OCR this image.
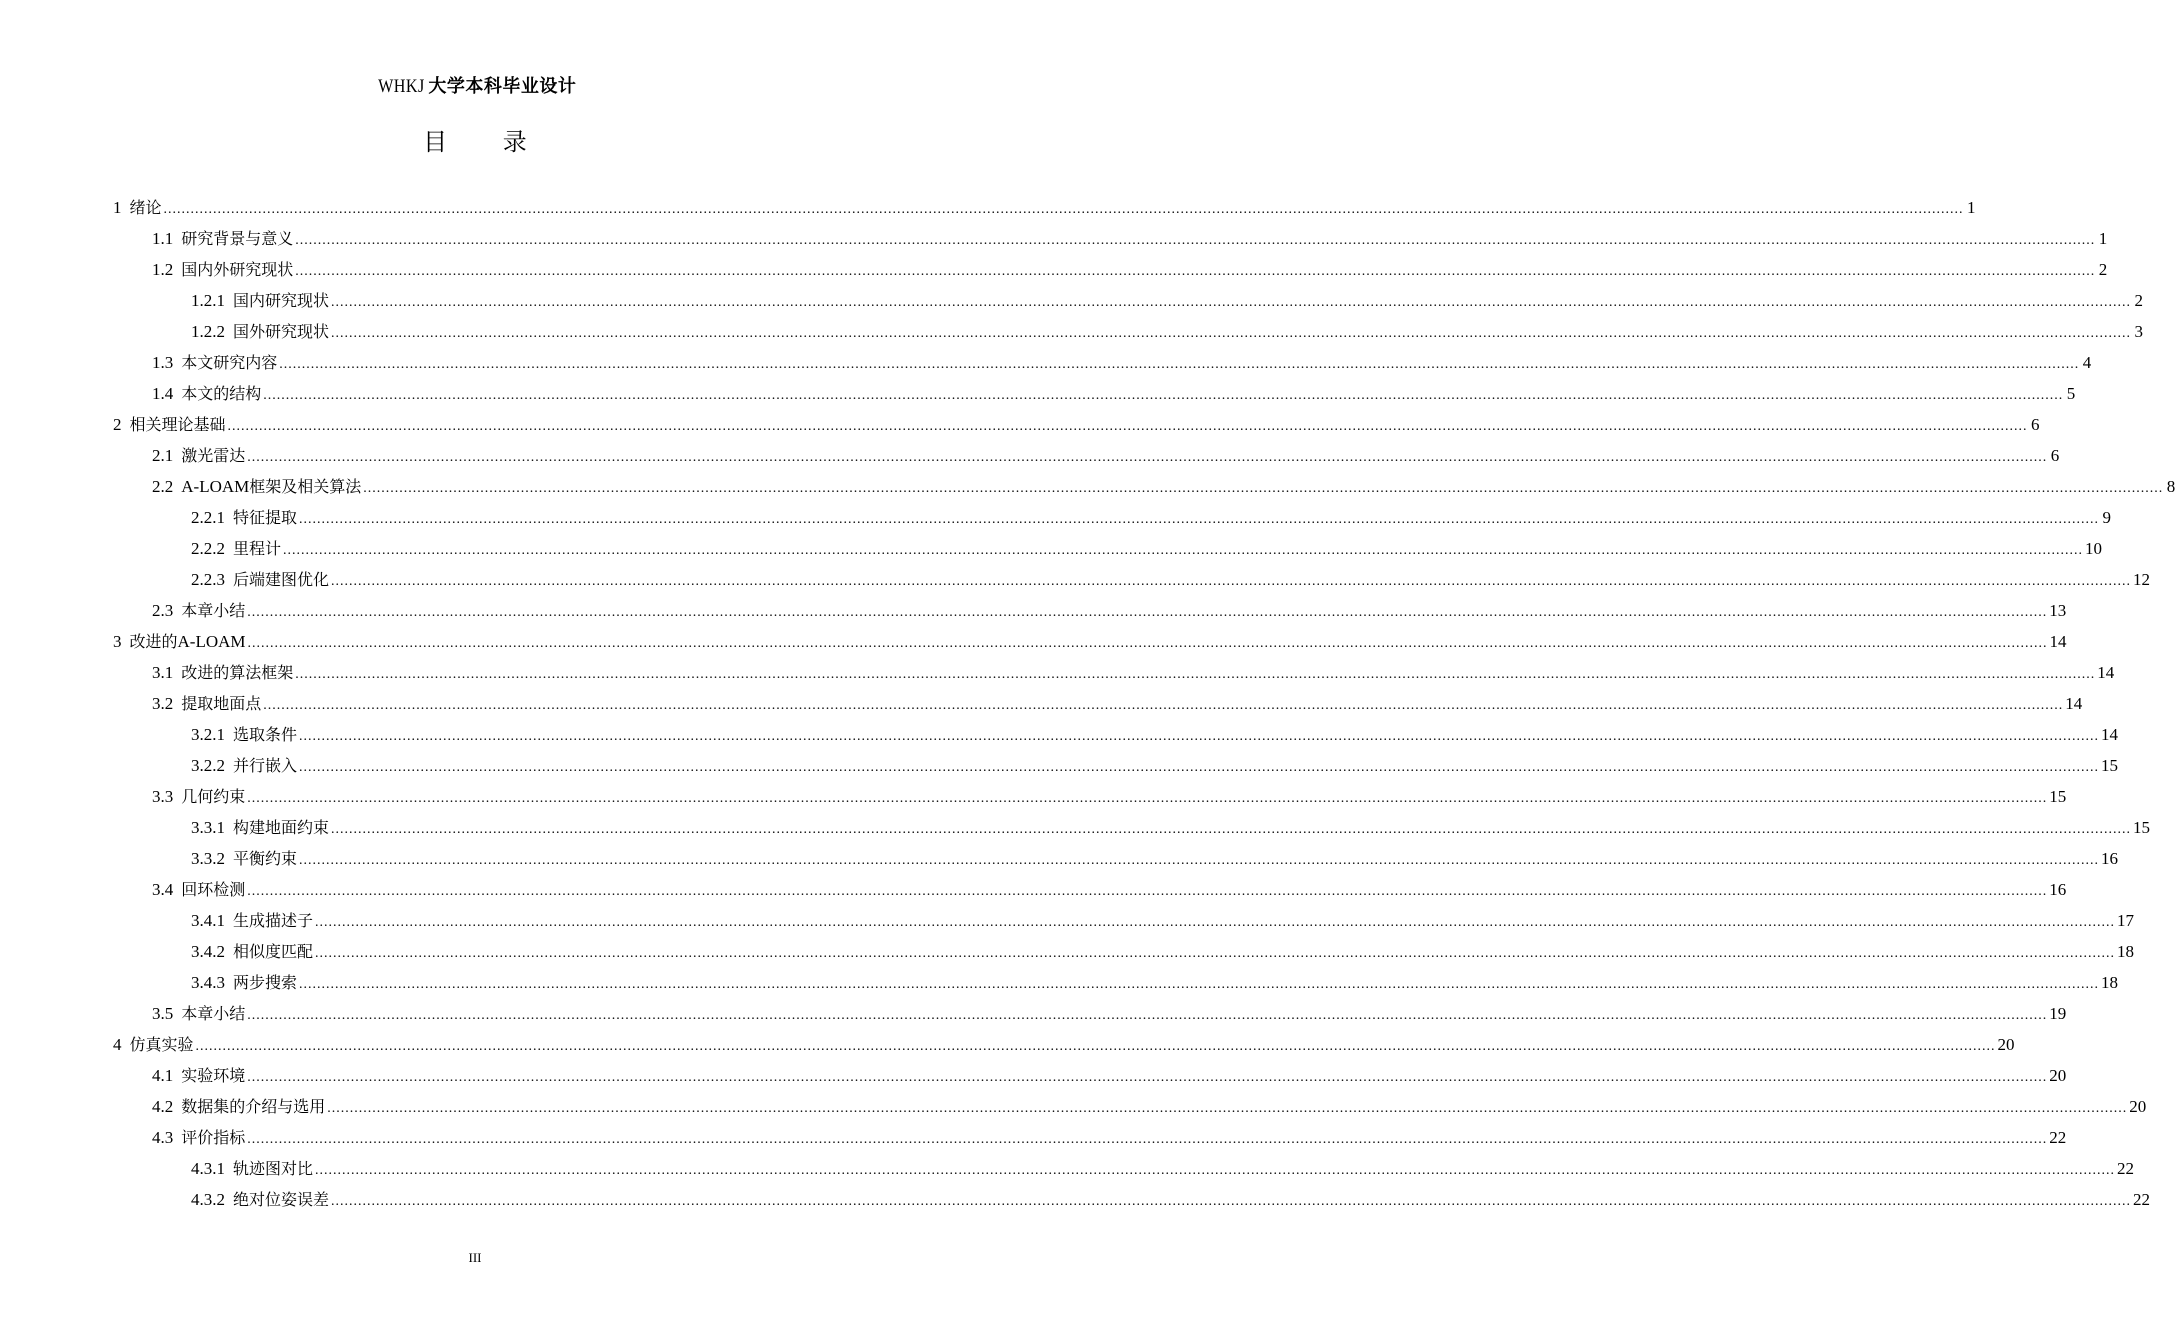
WHKJ 大学本科毕业设计
目 录
1 绪论 ................................................................................................................................................................................................................................................................................................................................................................................................................ 1
1.1 研究背景与意义 ................................................................................................................................................................................................................................................................................................................................................................................................................ 1
1.2 国内外研究现状 ................................................................................................................................................................................................................................................................................................................................................................................................................ 2
1.2.1 国内研究现状 ................................................................................................................................................................................................................................................................................................................................................................................................................ 2
1.2.2 国外研究现状 ................................................................................................................................................................................................................................................................................................................................................................................................................ 3
1.3 本文研究内容 ................................................................................................................................................................................................................................................................................................................................................................................................................ 4
1.4 本文的结构 ................................................................................................................................................................................................................................................................................................................................................................................................................ 5
2 相关理论基础 ................................................................................................................................................................................................................................................................................................................................................................................................................ 6
2.1 激光雷达 ................................................................................................................................................................................................................................................................................................................................................................................................................ 6
2.2 A-LOAM框架及相关算法 ................................................................................................................................................................................................................................................................................................................................................................................................................ 8
2.2.1 特征提取 ................................................................................................................................................................................................................................................................................................................................................................................................................ 9
2.2.2 里程计 ................................................................................................................................................................................................................................................................................................................................................................................................................ 10
2.2.3 后端建图优化 ................................................................................................................................................................................................................................................................................................................................................................................................................ 12
2.3 本章小结 ................................................................................................................................................................................................................................................................................................................................................................................................................ 13
3 改进的A-LOAM ................................................................................................................................................................................................................................................................................................................................................................................................................ 14
3.1 改进的算法框架 ................................................................................................................................................................................................................................................................................................................................................................................................................ 14
3.2 提取地面点 ................................................................................................................................................................................................................................................................................................................................................................................................................ 14
3.2.1 选取条件 ................................................................................................................................................................................................................................................................................................................................................................................................................ 14
3.2.2 并行嵌入 ................................................................................................................................................................................................................................................................................................................................................................................................................ 15
3.3 几何约束 ................................................................................................................................................................................................................................................................................................................................................................................................................ 15
3.3.1 构建地面约束 ................................................................................................................................................................................................................................................................................................................................................................................................................ 15
3.3.2 平衡约束 ................................................................................................................................................................................................................................................................................................................................................................................................................ 16
3.4 回环检测 ................................................................................................................................................................................................................................................................................................................................................................................................................ 16
3.4.1 生成描述子 ................................................................................................................................................................................................................................................................................................................................................................................................................ 17
3.4.2 相似度匹配 ................................................................................................................................................................................................................................................................................................................................................................................................................ 18
3.4.3 两步搜索 ................................................................................................................................................................................................................................................................................................................................................................................................................ 18
3.5 本章小结 ................................................................................................................................................................................................................................................................................................................................................................................................................ 19
4 仿真实验 ................................................................................................................................................................................................................................................................................................................................................................................................................ 20
4.1 实验环境 ................................................................................................................................................................................................................................................................................................................................................................................................................ 20
4.2 数据集的介绍与选用 ................................................................................................................................................................................................................................................................................................................................................................................................................ 20
4.3 评价指标 ................................................................................................................................................................................................................................................................................................................................................................................................................ 22
4.3.1 轨迹图对比 ................................................................................................................................................................................................................................................................................................................................................................................................................ 22
4.3.2 绝对位姿误差 ................................................................................................................................................................................................................................................................................................................................................................................................................ 22
III
